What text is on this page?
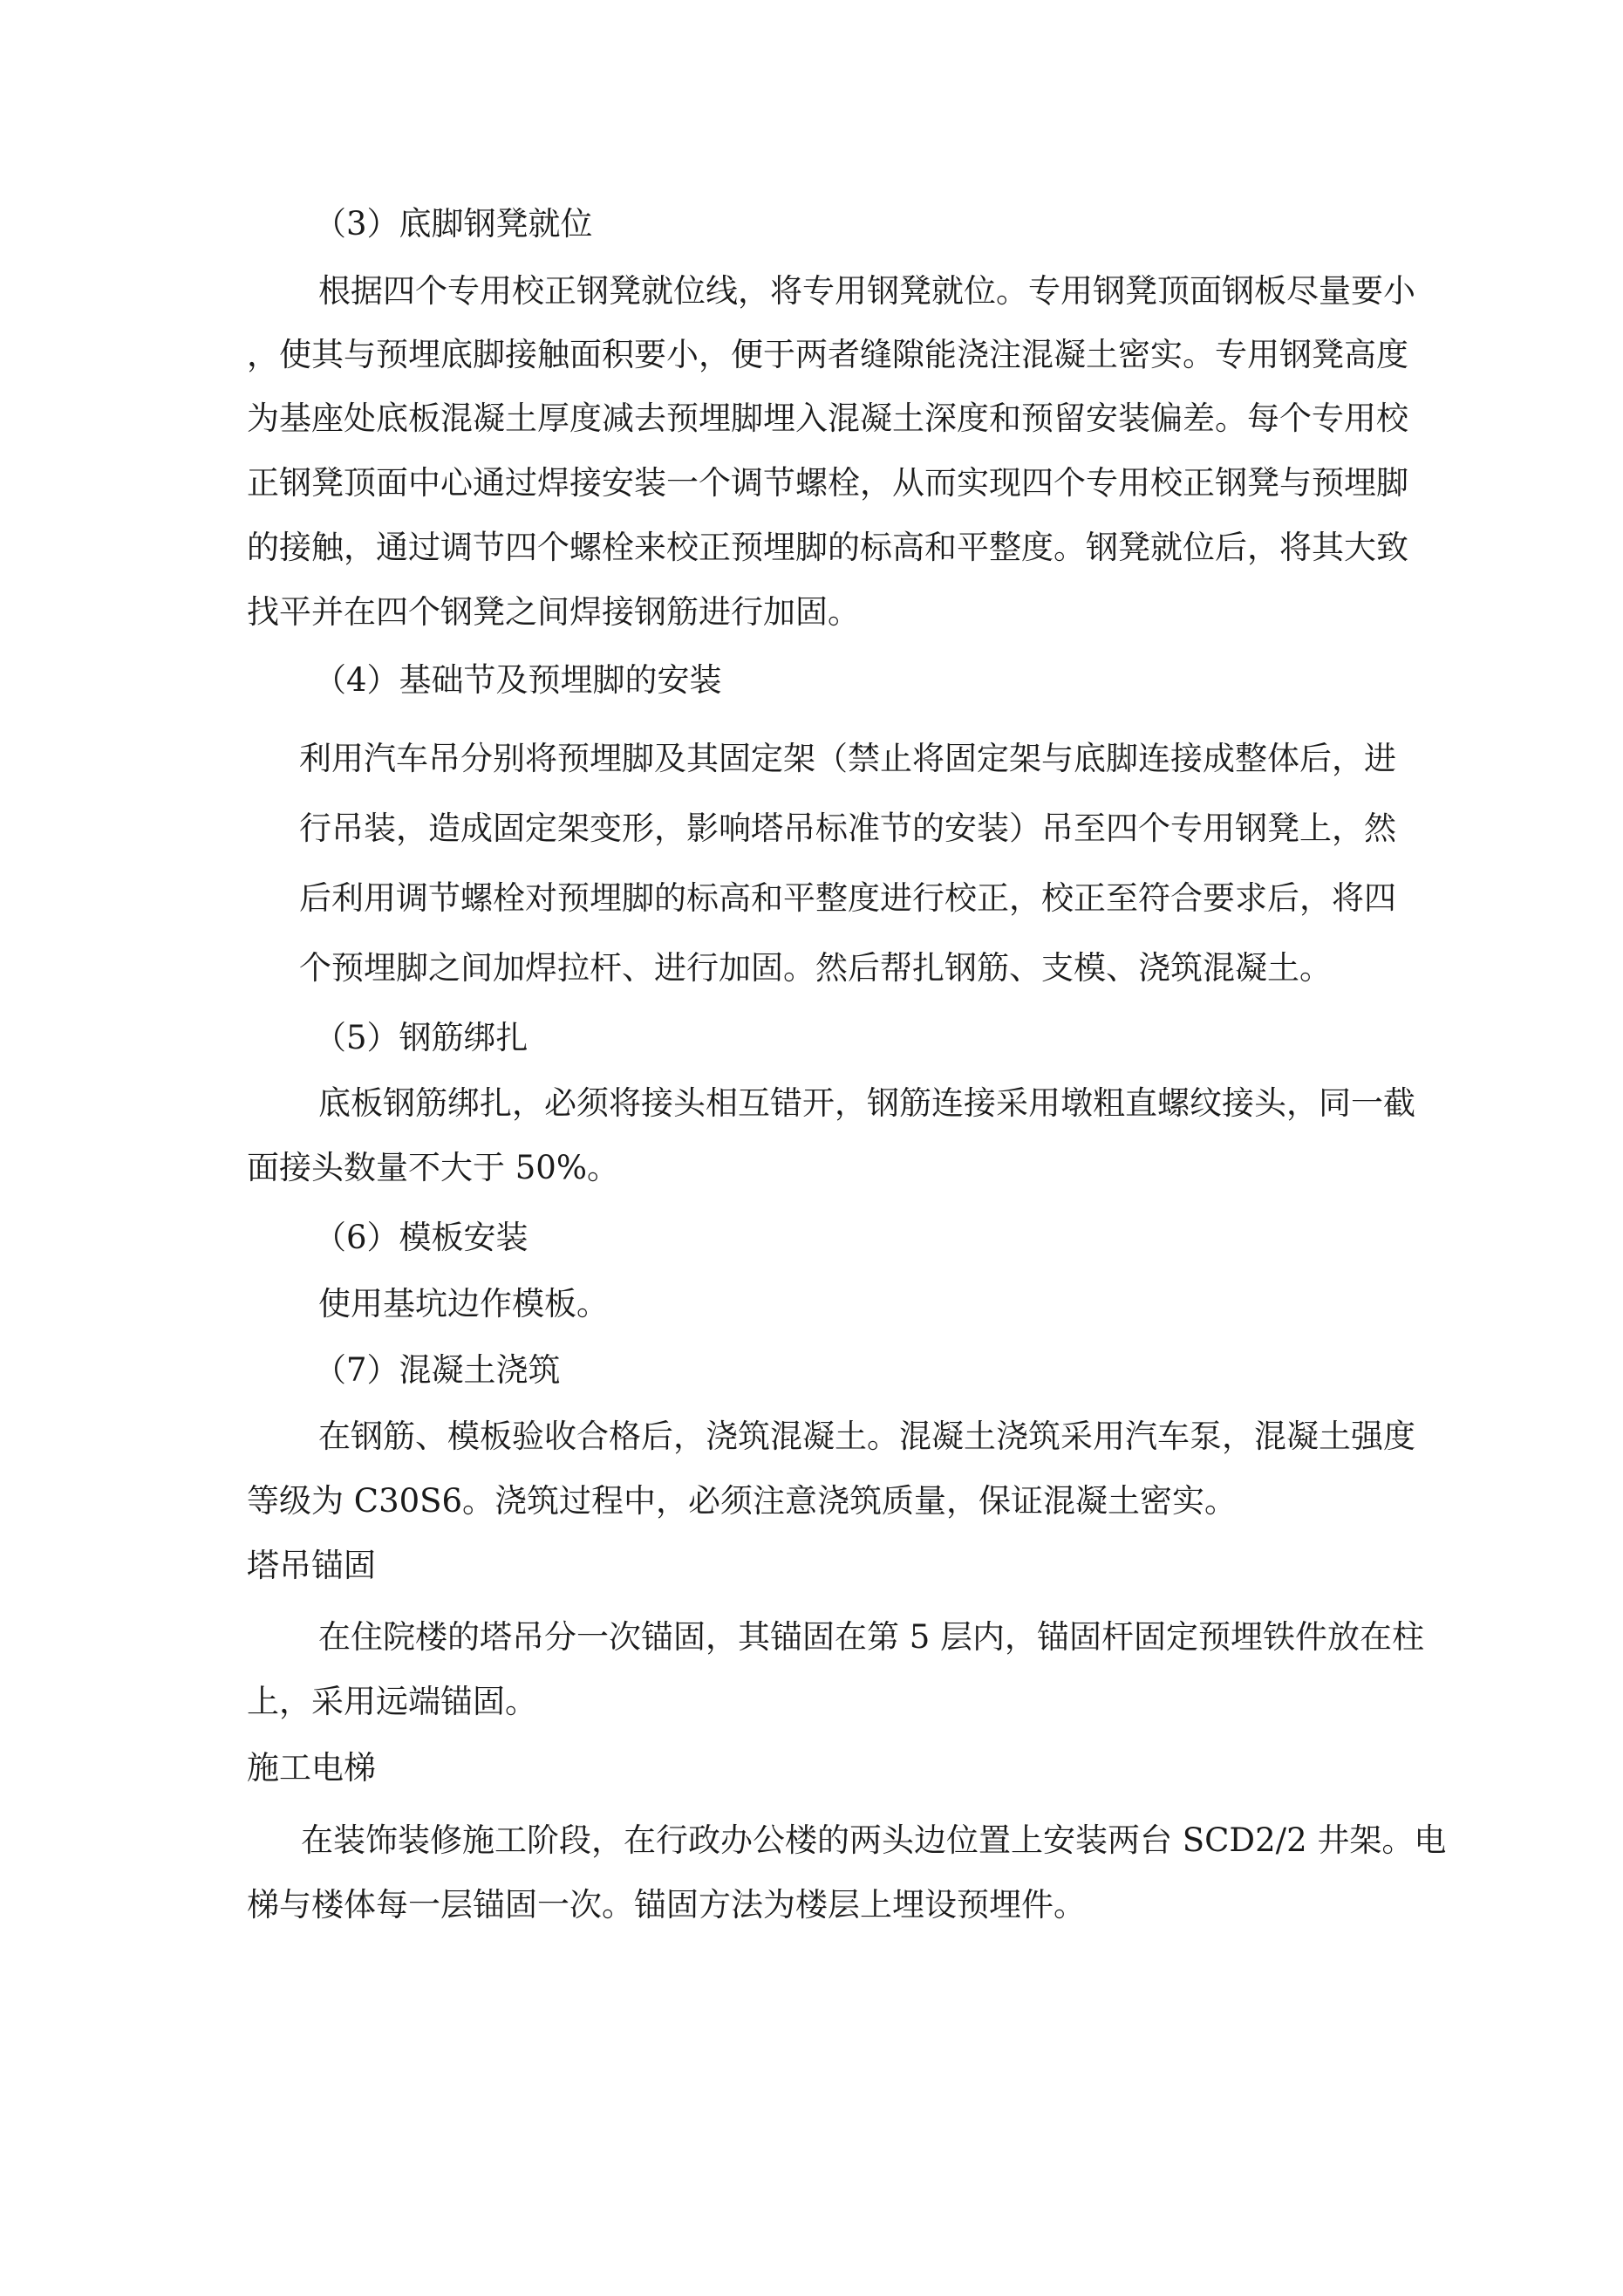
（3）底脚钢凳就位
根据四个专用校正钢凳就位线，将专用钢凳就位。专用钢凳顶面钢板尽量要小
，使其与预埋底脚接触面积要小，便于两者缝隙能浇注混凝土密实。专用钢凳高度
为基座处底板混凝土厚度减去预埋脚埋入混凝土深度和预留安装偏差。每个专用校
正钢凳顶面中心通过焊接安装一个调节螺栓，从而实现四个专用校正钢凳与预埋脚
的接触，通过调节四个螺栓来校正预埋脚的标高和平整度。钢凳就位后，将其大致
找平并在四个钢凳之间焊接钢筋进行加固。
（4）基础节及预埋脚的安装
利用汽车吊分别将预埋脚及其固定架（禁止将固定架与底脚连接成整体后，进
行吊装，造成固定架变形，影响塔吊标准节的安装）吊至四个专用钢凳上，然
后利用调节螺栓对预埋脚的标高和平整度进行校正，校正至符合要求后，将四
个预埋脚之间加焊拉杆、进行加固。然后帮扎钢筋、支模、浇筑混凝土。
（5）钢筋绑扎
底板钢筋绑扎，必须将接头相互错开，钢筋连接采用墩粗直螺纹接头，同一截
面接头数量不大于 50%。
（6）模板安装
使用基坑边作模板。
（7）混凝土浇筑
在钢筋、模板验收合格后，浇筑混凝土。混凝土浇筑采用汽车泵，混凝土强度
等级为 C30S6。浇筑过程中，必须注意浇筑质量，保证混凝土密实。
塔吊锚固
在住院楼的塔吊分一次锚固，其锚固在第 5 层内，锚固杆固定预埋铁件放在柱
上，采用远端锚固。
施工电梯
在装饰装修施工阶段，在行政办公楼的两头边位置上安装两台 SCD2/2 井架。电
梯与楼体每一层锚固一次。锚固方法为楼层上埋设预埋件。
